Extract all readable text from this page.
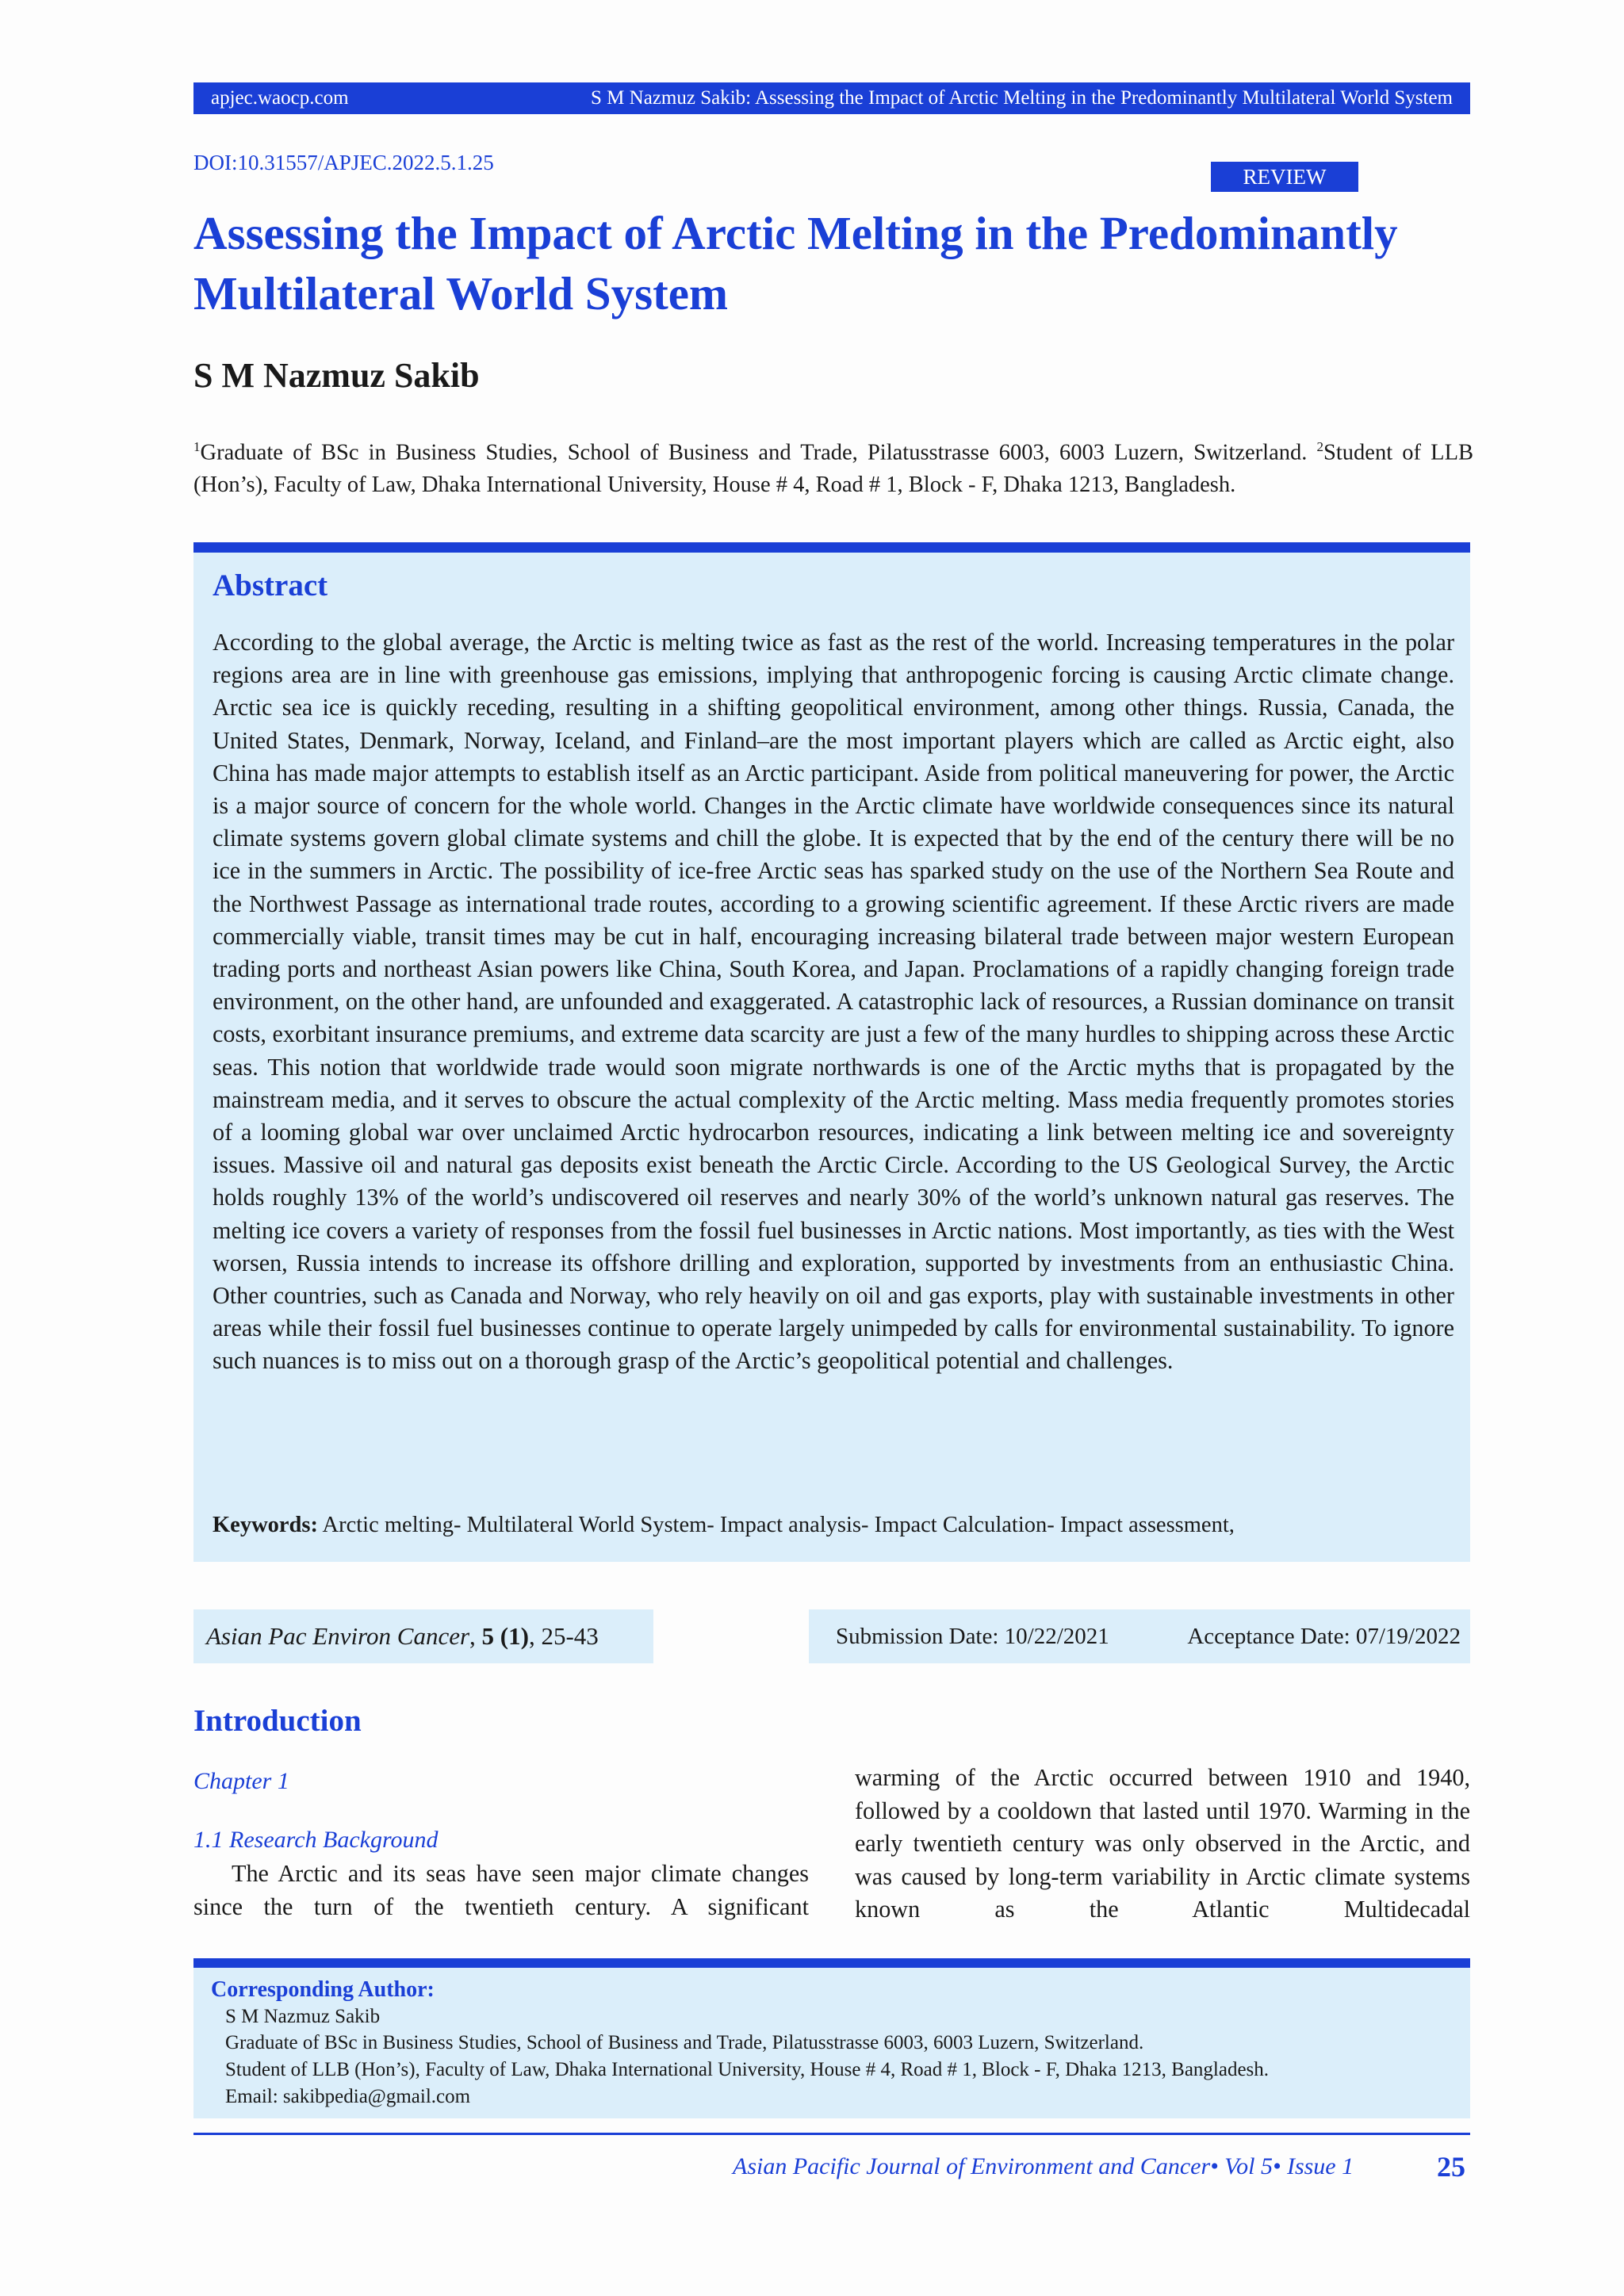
apjec.waocp.com	S M Nazmuz Sakib: Assessing the Impact of Arctic Melting in the Predominantly Multilateral World System
DOI:10.31557/APJEC.2022.5.1.25
REVIEW
Assessing the Impact of Arctic Melting in the Predominantly Multilateral World System
S M Nazmuz Sakib

$^1$Graduate of BSc in Business Studies, School of Business and Trade, Pilatusstrasse 6003, 6003 Luzern, Switzerland. $^2$Student of LLB (Hon’s), Faculty of Law, Dhaka International University, House # 4, Road # 1, Block - F, Dhaka 1213, Bangladesh.

Abstract

According to the global average, the Arctic is melting twice as fast as the rest of the world. Increasing temperatures in the polar regions area are in line with greenhouse gas emissions, implying that anthropogenic forcing is causing Arctic climate change. Arctic sea ice is quickly receding, resulting in a shifting geopolitical environment, among other things. Russia, Canada, the United States, Denmark, Norway, Iceland, and Finland–are the most important players which are called as Arctic eight, also China has made major attempts to establish itself as an Arctic participant. Aside from political maneuvering for power, the Arctic is a major source of concern for the whole world. Changes in the Arctic climate have worldwide consequences since its natural climate systems govern global climate systems and chill the globe. It is expected that by the end of the century there will be no ice in the summers in Arctic. The possibility of ice-free Arctic seas has sparked study on the use of the Northern Sea Route and the Northwest Passage as international trade routes, according to a growing scientific agreement. If these Arctic rivers are made commercially viable, transit times may be cut in half, encouraging increasing bilateral trade between major western European trading ports and northeast Asian powers like China, South Korea, and Japan. Proclamations of a rapidly changing foreign trade environment, on the other hand, are unfounded and exaggerated. A catastrophic lack of resources, a Russian dominance on transit costs, exorbitant insurance premiums, and extreme data scarcity are just a few of the many hurdles to shipping across these Arctic seas. This notion that worldwide trade would soon migrate northwards is one of the Arctic myths that is propagated by the mainstream media, and it serves to obscure the actual complexity of the Arctic melting. Mass media frequently promotes stories of a looming global war over unclaimed Arctic hydrocarbon resources, indicating a link between melting ice and sovereignty issues. Massive oil and natural gas deposits exist beneath the Arctic Circle. According to the US Geological Survey, the Arctic holds roughly 13% of the world’s undiscovered oil reserves and nearly 30% of the world’s unknown natural gas reserves. The melting ice covers a variety of responses from the fossil fuel businesses in Arctic nations. Most importantly, as ties with the West worsen, Russia intends to increase its offshore drilling and exploration, supported by investments from an enthusiastic China. Other countries, such as Canada and Norway, who rely heavily on oil and gas exports, play with sustainable investments in other areas while their fossil fuel businesses continue to operate largely unimpeded by calls for environmental sustainability. To ignore such nuances is to miss out on a thorough grasp of the Arctic’s geopolitical potential and challenges.

Keywords: Arctic melting- Multilateral World System- Impact analysis- Impact Calculation- Impact assessment,

Asian Pac Environ Cancer , 5
(1) , 25-43	Submission Date: 10/22/2021	Acceptance Date: 07/19/2022
Introduction
Chapter 1
1.1 Research Background

The Arctic and its seas have seen major climate changes since the turn of the twentieth century. A significant

warming of the Arctic occurred between 1910 and 1940, followed by a cooldown that lasted until 1970. Warming in the early twentieth century was only observed in the Arctic, and was caused by long-term variability in Arctic climate systems known as the Atlantic Multidecadal

Corresponding Author:
S M Nazmuz Sakib
Graduate of BSc in Business Studies, School of Business and Trade, Pilatusstrasse 6003, 6003 Luzern, Switzerland.
Student of LLB (Hon’s), Faculty of Law, Dhaka International University, House # 4, Road # 1, Block - F, Dhaka 1213, Bangladesh.
Email: sakibpedia@gmail.com
Asian Pacific Journal of Environment and Cancer• Vol 5• Issue 1	25
